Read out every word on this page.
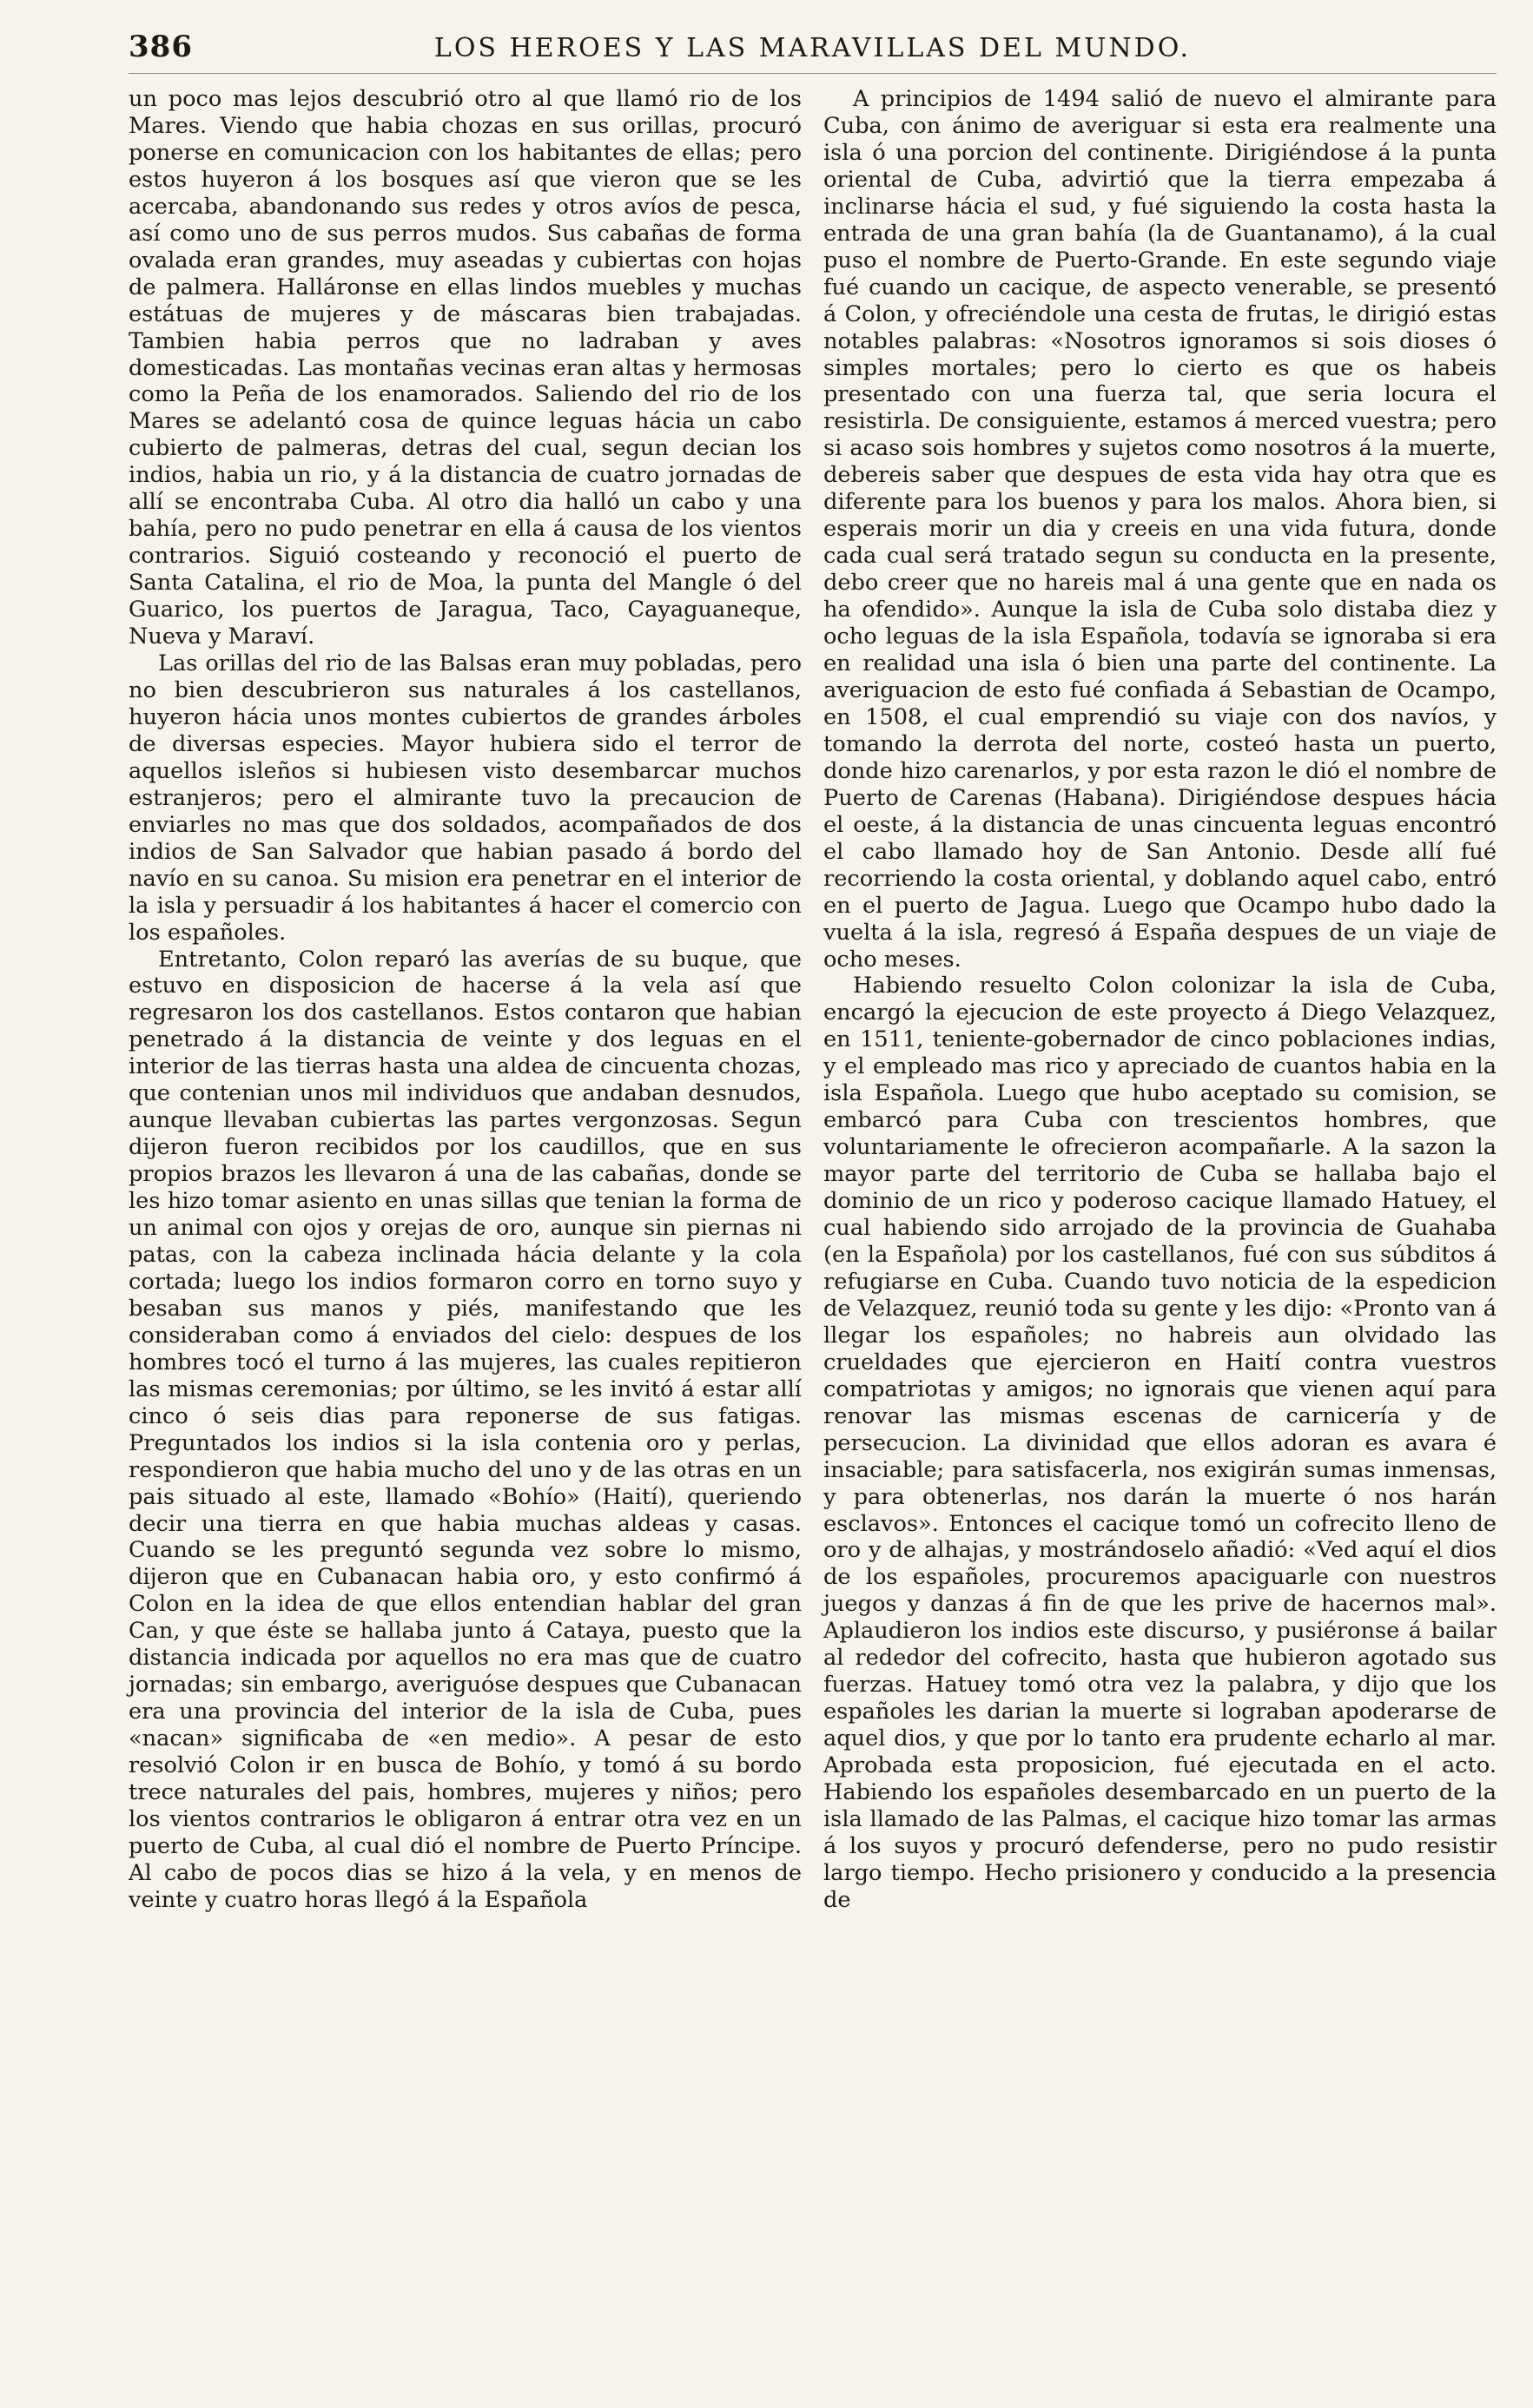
386	LOS HEROES Y LAS MARAVILLAS DEL MUNDO.

un poco mas lejos descubrió otro al que llamó rio de los Mares. Viendo que habia chozas en sus orillas, procuró ponerse en comunicacion con los habitantes de ellas; pero estos huyeron á los bosques así que vieron que se les acercaba, abandonando sus redes y otros avíos de pesca, así como uno de sus perros mudos. Sus cabañas de forma ovalada eran grandes, muy aseadas y cubiertas con hojas de palmera. Halláronse en ellas lindos muebles y muchas estátuas de mujeres y de máscaras bien trabajadas. Tambien habia perros que no ladraban y aves domesticadas. Las montañas vecinas eran altas y hermosas como la Peña de los enamorados. Saliendo del rio de los Mares se adelantó cosa de quince leguas hácia un cabo cubierto de palmeras, detras del cual, segun decian los indios, habia un rio, y á la distancia de cuatro jornadas de allí se encontraba Cuba. Al otro dia halló un cabo y una bahía, pero no pudo penetrar en ella á causa de los vientos contrarios. Siguió costeando y reconoció el puerto de Santa Catalina, el rio de Moa, la punta del Mangle ó del Guarico, los puertos de Jaragua, Taco, Cayaguaneque, Nueva y Maraví.

Las orillas del rio de las Balsas eran muy pobladas, pero no bien descubrieron sus naturales á los castellanos, huyeron hácia unos montes cubiertos de grandes árboles de diversas especies. Mayor hubiera sido el terror de aquellos isleños si hubiesen visto desembarcar muchos estranjeros; pero el almirante tuvo la precaucion de enviarles no mas que dos soldados, acompañados de dos indios de San Salvador que habian pasado á bordo del navío en su canoa. Su mision era penetrar en el interior de la isla y persuadir á los habitantes á hacer el comercio con los españoles.

Entretanto, Colon reparó las averías de su buque, que estuvo en disposicion de hacerse á la vela así que regresaron los dos castellanos. Estos contaron que habian penetrado á la distancia de veinte y dos leguas en el interior de las tierras hasta una aldea de cincuenta chozas, que contenian unos mil individuos que andaban desnudos, aunque llevaban cubiertas las partes vergonzosas. Segun dijeron fueron recibidos por los caudillos, que en sus propios brazos les llevaron á una de las cabañas, donde se les hizo tomar asiento en unas sillas que tenian la forma de un animal con ojos y orejas de oro, aunque sin piernas ni patas, con la cabeza inclinada hácia delante y la cola cortada; luego los indios formaron corro en torno suyo y besaban sus manos y piés, manifestando que les consideraban como á enviados del cielo: despues de los hombres tocó el turno á las mujeres, las cuales repitieron las mismas ceremonias; por último, se les invitó á estar allí cinco ó seis dias para reponerse de sus fatigas. Preguntados los indios si la isla contenia oro y perlas, respondieron que habia mucho del uno y de las otras en un pais situado al este, llamado «Bohío» (Haití), queriendo decir una tierra en que habia muchas aldeas y casas. Cuando se les preguntó segunda vez sobre lo mismo, dijeron que en Cubanacan habia oro, y esto confirmó á Colon en la idea de que ellos entendian hablar del gran Can, y que éste se hallaba junto á Cataya, puesto que la distancia indicada por aquellos no era mas que de cuatro jornadas; sin embargo, averiguóse despues que Cubanacan era una provincia del interior de la isla de Cuba, pues «nacan» significaba de «en medio». A pesar de esto resolvió Colon ir en busca de Bohío, y tomó á su bordo trece naturales del pais, hombres, mujeres y niños; pero los vientos contrarios le obligaron á entrar otra vez en un puerto de Cuba, al cual dió el nombre de Puerto Príncipe. Al cabo de pocos dias se hizo á la vela, y en menos de veinte y cuatro horas llegó á la Española

A principios de 1494 salió de nuevo el almirante para Cuba, con ánimo de averiguar si esta era realmente una isla ó una porcion del continente. Dirigiéndose á la punta oriental de Cuba, advirtió que la tierra empezaba á inclinarse hácia el sud, y fué siguiendo la costa hasta la entrada de una gran bahía (la de Guantanamo), á la cual puso el nombre de Puerto-Grande. En este segundo viaje fué cuando un cacique, de aspecto venerable, se presentó á Colon, y ofreciéndole una cesta de frutas, le dirigió estas notables palabras: «Nosotros ignoramos si sois dioses ó simples mortales; pero lo cierto es que os habeis presentado con una fuerza tal, que seria locura el resistirla. De consiguiente, estamos á merced vuestra; pero si acaso sois hombres y sujetos como nosotros á la muerte, debereis saber que despues de esta vida hay otra que es diferente para los buenos y para los malos. Ahora bien, si esperais morir un dia y creeis en una vida futura, donde cada cual será tratado segun su conducta en la presente, debo creer que no hareis mal á una gente que en nada os ha ofendido». Aunque la isla de Cuba solo distaba diez y ocho leguas de la isla Española, todavía se ignoraba si era en realidad una isla ó bien una parte del continente. La averiguacion de esto fué confiada á Sebastian de Ocampo, en 1508, el cual emprendió su viaje con dos navíos, y tomando la derrota del norte, costeó hasta un puerto, donde hizo carenarlos, y por esta razon le dió el nombre de Puerto de Carenas (Habana). Dirigiéndose despues hácia el oeste, á la distancia de unas cincuenta leguas encontró el cabo llamado hoy de San Antonio. Desde allí fué recorriendo la costa oriental, y doblando aquel cabo, entró en el puerto de Jagua. Luego que Ocampo hubo dado la vuelta á la isla, regresó á España despues de un viaje de ocho meses.

Habiendo resuelto Colon colonizar la isla de Cuba, encargó la ejecucion de este proyecto á Diego Velazquez, en 1511, teniente-gobernador de cinco poblaciones indias, y el empleado mas rico y apreciado de cuantos habia en la isla Española. Luego que hubo aceptado su comision, se embarcó para Cuba con trescientos hombres, que voluntariamente le ofrecieron acompañarle. A la sazon la mayor parte del territorio de Cuba se hallaba bajo el dominio de un rico y poderoso cacique llamado Hatuey, el cual habiendo sido arrojado de la provincia de Guahaba (en la Española) por los castellanos, fué con sus súbditos á refugiarse en Cuba. Cuando tuvo noticia de la espedicion de Velazquez, reunió toda su gente y les dijo: «Pronto van á llegar los españoles; no habreis aun olvidado las crueldades que ejercieron en Haití contra vuestros compatriotas y amigos; no ignorais que vienen aquí para renovar las mismas escenas de carnicería y de persecucion. La divinidad que ellos adoran es avara é insaciable; para satisfacerla, nos exigirán sumas inmensas, y para obtenerlas, nos darán la muerte ó nos harán esclavos». Entonces el cacique tomó un cofrecito lleno de oro y de alhajas, y mostrándoselo añadió: «Ved aquí el dios de los españoles, procuremos apaciguarle con nuestros juegos y danzas á fin de que les prive de hacernos mal». Aplaudieron los indios este discurso, y pusiéronse á bailar al rededor del cofrecito, hasta que hubieron agotado sus fuerzas. Hatuey tomó otra vez la palabra, y dijo que los españoles les darian la muerte si lograban apoderarse de aquel dios, y que por lo tanto era prudente echarlo al mar. Aprobada esta proposicion, fué ejecutada en el acto. Habiendo los españoles desembarcado en un puerto de la isla llamado de las Palmas, el cacique hizo tomar las armas á los suyos y procuró defenderse, pero no pudo resistir largo tiempo. Hecho prisionero y conducido a la presencia de
